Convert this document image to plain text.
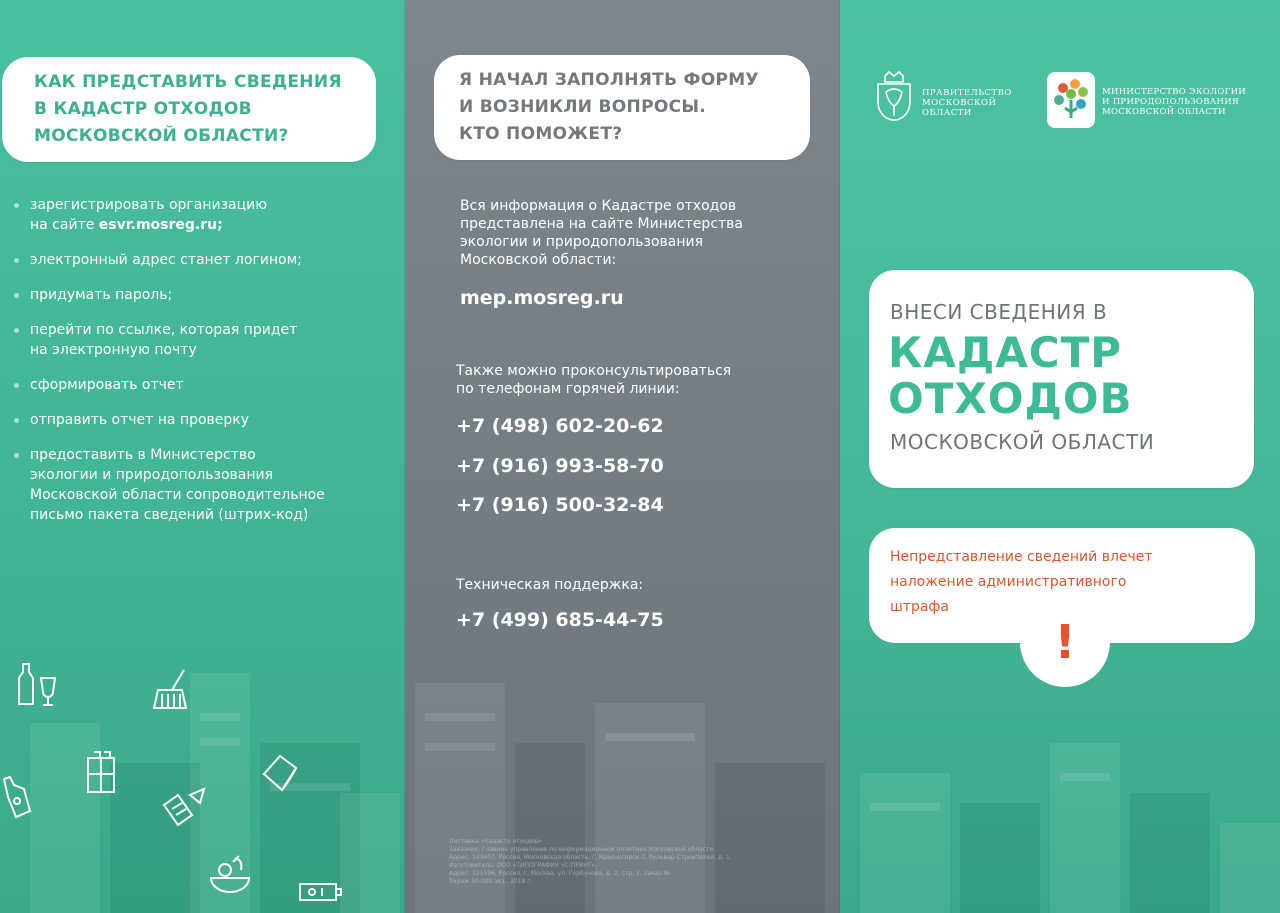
КАК ПРЕДСТАВИТЬ СВЕДЕНИЯ
В КАДАСТР ОТХОДОВ
МОСКОВСКОЙ ОБЛАСТИ?
зарегистрировать организацию
на сайте esvr.mosreg.ru;
электронный адрес станет логином;
придумать пароль;
перейти по ссылке, которая придет
на электронную почту
сформировать отчет
отправить отчет на проверку
предоставить в Министерство
экологии и природопользования
Московской области сопроводительное
письмо пакета сведений (штрих-код)
Я НАЧАЛ ЗАПОЛНЯТЬ ФОРМУ
И ВОЗНИКЛИ ВОПРОСЫ.
КТО ПОМОЖЕТ?
Вся информация о Кадастре отходов
представлена на сайте Министерства
экологии и природопользования
Московской области:
mep.mosreg.ru
Также можно проконсультироваться
по телефонам горячей линии:
+7 (498) 602-20-62
+7 (916) 993-58-70
+7 (916) 500-32-84
Техническая поддержка:
+7 (499) 685-44-75
Листовка «Кадастр отходов»
Заказчик: Главное управление по информационной политике Московской области.
Адрес: 143407, Россия, Московская область, г. Красногорск-7, бульвар Строителей, д. 1.
Изготовитель: ООО «ТИПОГРАФИЯ «С-ПРИНТ».
Адрес: 121596, Россия, г. Москва, ул. Горбунова, д. 2, стр. 3. Заказ №
Тираж 50 000 экз., 2018 г.
ПРАВИТЕЛЬСТВО
МОСКОВСКОЙ
ОБЛАСТИ
МИНИСТЕРСТВО ЭКОЛОГИИ
И ПРИРОДОПОЛЬЗОВАНИЯ
МОСКОВСКОЙ ОБЛАСТИ
ВНЕСИ СВЕДЕНИЯ В
КАДАСТР
ОТХОДОВ
МОСКОВСКОЙ ОБЛАСТИ
Непредставление сведений влечет
наложение административного
штрафа
!
